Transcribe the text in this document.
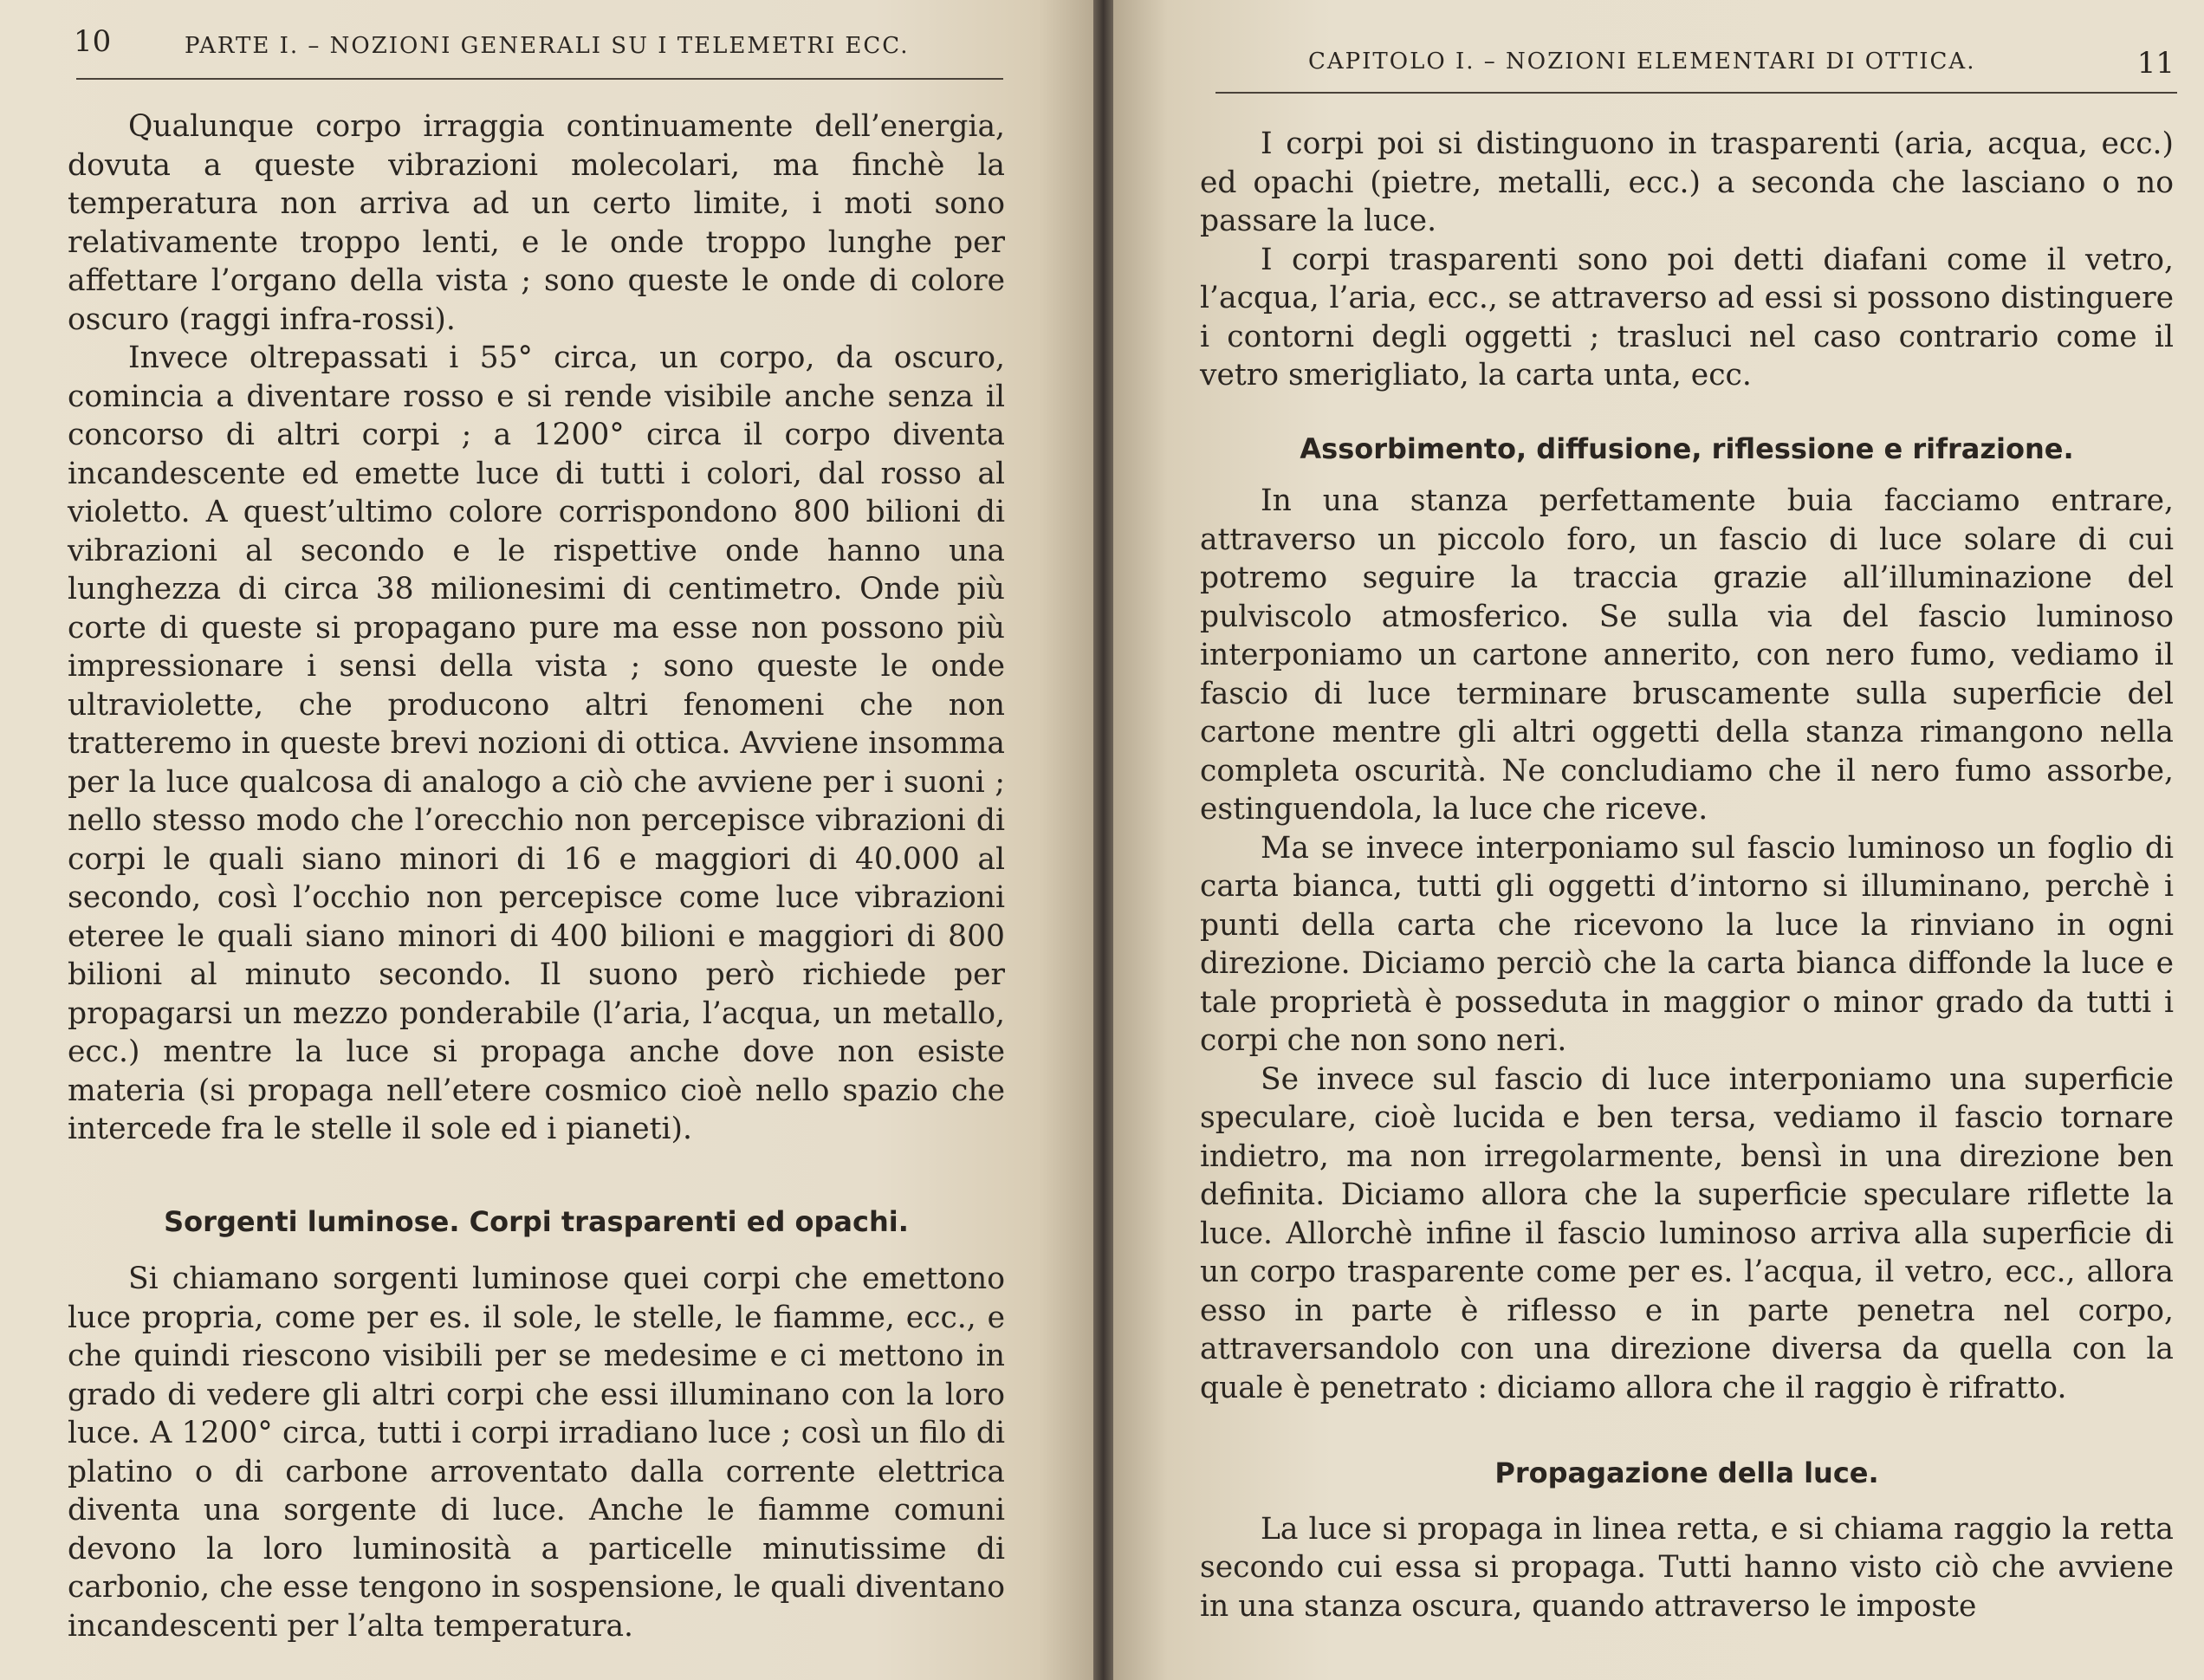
10	PARTE I. – NOZIONI GENERALI SU I TELEMETRI ECC.

Qualunque corpo irraggia continuamente dell’energia, dovuta a queste vibrazioni molecolari, ma finchè la temperatura non arriva ad un certo limite, i moti sono relativamente troppo lenti, e le onde troppo lunghe per affettare l’organo della vista ; sono queste le onde di colore oscuro (raggi infra-rossi).

Invece oltrepassati i 55° circa, un corpo, da oscuro, comincia a diventare rosso e si rende visibile anche senza il concorso di altri corpi ; a 1200° circa il corpo diventa incandescente ed emette luce di tutti i colori, dal rosso al violetto. A quest’ultimo colore corrispondono 800 bilioni di vibrazioni al secondo e le rispettive onde hanno una lunghezza di circa 38 milionesimi di centimetro. Onde più corte di queste si propagano pure ma esse non possono più impressionare i sensi della vista ; sono queste le onde ultraviolette, che producono altri fenomeni che non tratteremo in queste brevi nozioni di ottica. Avviene insomma per la luce qualcosa di analogo a ciò che avviene per i suoni ; nello stesso modo che l’orecchio non percepisce vibrazioni di corpi le quali siano minori di 16 e maggiori di 40.000 al secondo, così l’occhio non percepisce come luce vibrazioni eteree le quali siano minori di 400 bilioni e maggiori di 800 bilioni al minuto secondo. Il suono però richiede per propagarsi un mezzo ponderabile (l’aria, l’acqua, un metallo, ecc.) mentre la luce si propaga anche dove non esiste materia (si propaga nell’etere cosmico cioè nello spazio che intercede fra le stelle il sole ed i pianeti).

Sorgenti luminose. Corpi trasparenti ed opachi.

Si chiamano sorgenti luminose quei corpi che emettono luce propria, come per es. il sole, le stelle, le fiamme, ecc., e che quindi riescono visibili per se medesime e ci mettono in grado di vedere gli altri corpi che essi illuminano con la loro luce. A 1200° circa, tutti i corpi irradiano luce ; così un filo di platino o di carbone arroventato dalla corrente elettrica diventa una sorgente di luce. Anche le fiamme comuni devono la loro luminosità a particelle minutissime di carbonio, che esse tengono in sospensione, le quali diventano incandescenti per l’alta temperatura.

CAPITOLO I. – NOZIONI ELEMENTARI DI OTTICA.	11

I corpi poi si distinguono in trasparenti (aria, acqua, ecc.) ed opachi (pietre, metalli, ecc.) a seconda che lasciano o no passare la luce.

I corpi trasparenti sono poi detti diafani come il vetro, l’acqua, l’aria, ecc., se attraverso ad essi si possono distinguere i contorni degli oggetti ; trasluci nel caso contrario come il vetro smerigliato, la carta unta, ecc.

Assorbimento, diffusione, riflessione e rifrazione.

In una stanza perfettamente buia facciamo entrare, attraverso un piccolo foro, un fascio di luce solare di cui potremo seguire la traccia grazie all’illuminazione del pulviscolo atmosferico. Se sulla via del fascio luminoso interponiamo un cartone annerito, con nero fumo, vediamo il fascio di luce terminare bruscamente sulla superficie del cartone mentre gli altri oggetti della stanza rimangono nella completa oscurità. Ne concludiamo che il nero fumo assorbe, estinguendola, la luce che riceve.

Ma se invece interponiamo sul fascio luminoso un foglio di carta bianca, tutti gli oggetti d’intorno si illuminano, perchè i punti della carta che ricevono la luce la rinviano in ogni direzione. Diciamo perciò che la carta bianca diffonde la luce e tale proprietà è posseduta in maggior o minor grado da tutti i corpi che non sono neri.

Se invece sul fascio di luce interponiamo una superficie speculare, cioè lucida e ben tersa, vediamo il fascio tornare indietro, ma non irregolarmente, bensì in una direzione ben definita. Diciamo allora che la superficie speculare riflette la luce. Allorchè infine il fascio luminoso arriva alla superficie di un corpo trasparente come per es. l’acqua, il vetro, ecc., allora esso in parte è riflesso e in parte penetra nel corpo, attraversandolo con una direzione diversa da quella con la quale è penetrato : diciamo allora che il raggio è rifratto.

Propagazione della luce.

La luce si propaga in linea retta, e si chiama raggio la retta secondo cui essa si propaga. Tutti hanno visto ciò che avviene in una stanza oscura, quando attraverso le imposte
